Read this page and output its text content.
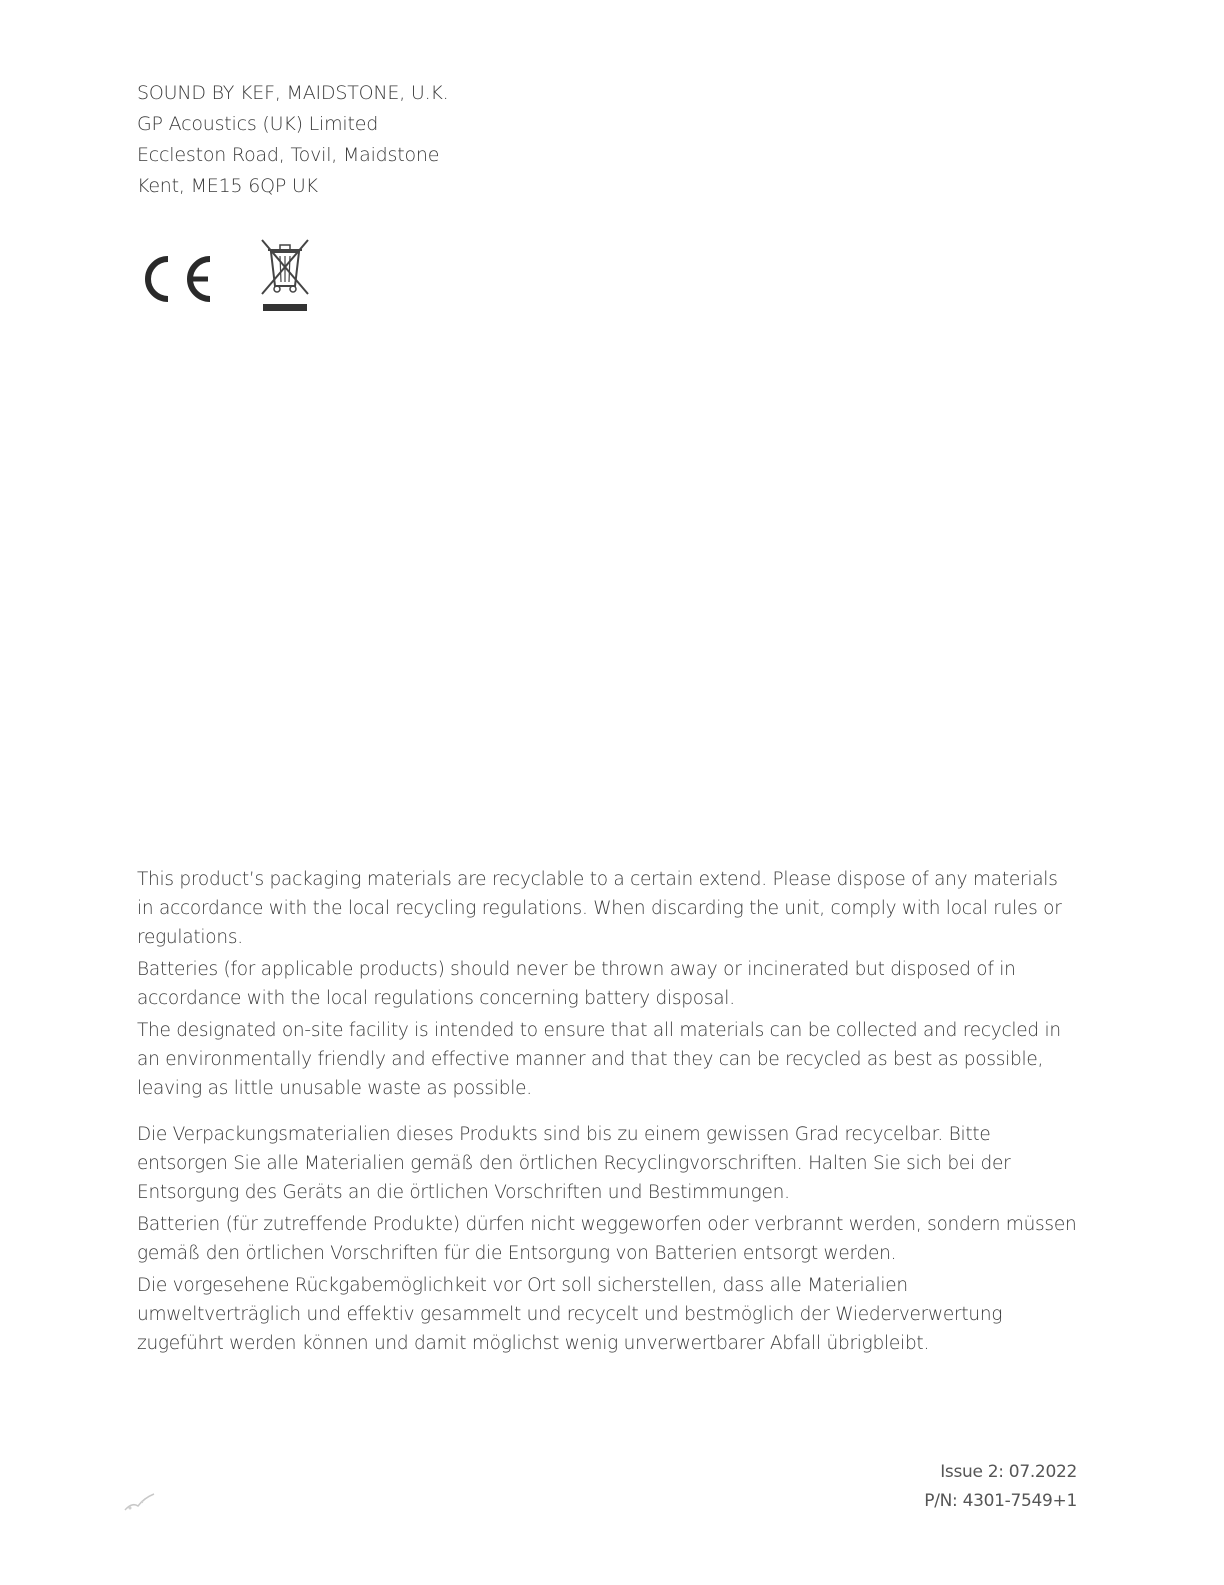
SOUND BY KEF, MAIDSTONE, U.K.
GP Acoustics (UK) Limited
Eccleston Road, Tovil, Maidstone
Kent, ME15 6QP UK

This product’s packaging materials are recyclable to a certain extend. Please dispose of any materials in accordance with the local recycling regulations. When discarding the unit, comply with local rules or regulations.

Batteries (for applicable products) should never be thrown away or incinerated but disposed of in accordance with the local regulations concerning battery disposal.

The designated on-site facility is intended to ensure that all materials can be collected and recycled in an environmentally friendly and effective manner and that they can be recycled as best as possible, leaving as little unusable waste as possible.

Die Verpackungsmaterialien dieses Produkts sind bis zu einem gewissen Grad recycelbar. Bitte entsorgen Sie alle Materialien gemäß den örtlichen Recyclingvorschriften. Halten Sie sich bei der Entsorgung des Geräts an die örtlichen Vorschriften und Bestimmungen.

Batterien (für zutreffende Produkte) dürfen nicht weggeworfen oder verbrannt werden, sondern müssen gemäß den örtlichen Vorschriften für die Entsorgung von Batterien entsorgt werden.

Die vorgesehene Rückgabemöglichkeit vor Ort soll sicherstellen, dass alle Materialien umweltverträglich und effektiv gesammelt und recycelt und bestmöglich der Wiederverwertung zugeführt werden können und damit möglichst wenig unverwertbarer Abfall übrigbleibt.

Issue 2: 07.2022
P/N: 4301-7549+1
